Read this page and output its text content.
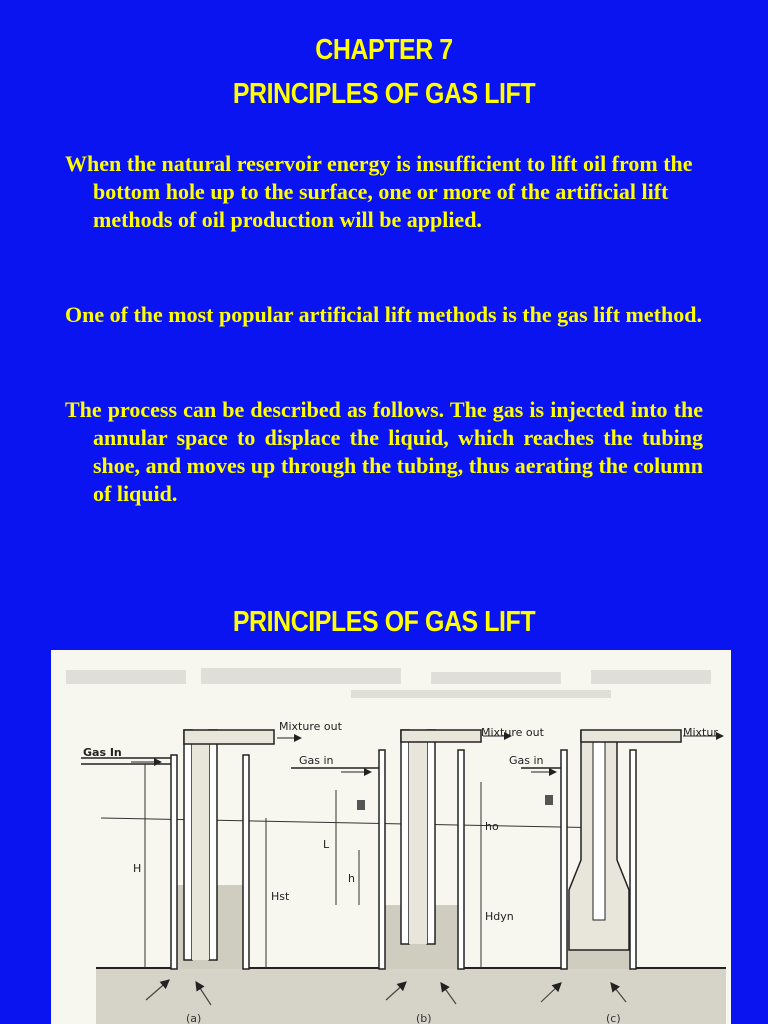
CHAPTER 7
PRINCIPLES OF GAS LIFT

When the natural reservoir energy is insufficient to lift oil from the bottom hole up to the surface, one or more of the artificial lift methods of oil production will be applied.

One of the most popular artificial lift methods is the gas lift method.

The process can be described as follows. The gas is injected into the annular space to displace the liquid, which reaches the tubing shoe, and moves up through the tubing, thus aerating the column of liquid.

PRINCIPLES OF GAS LIFT
Mixture out	Mixture out	Mixtur
Gas In
Gas in	Gas in
H
Hst
L
h
ho
Hdyn
(a)	(b)	(c)
